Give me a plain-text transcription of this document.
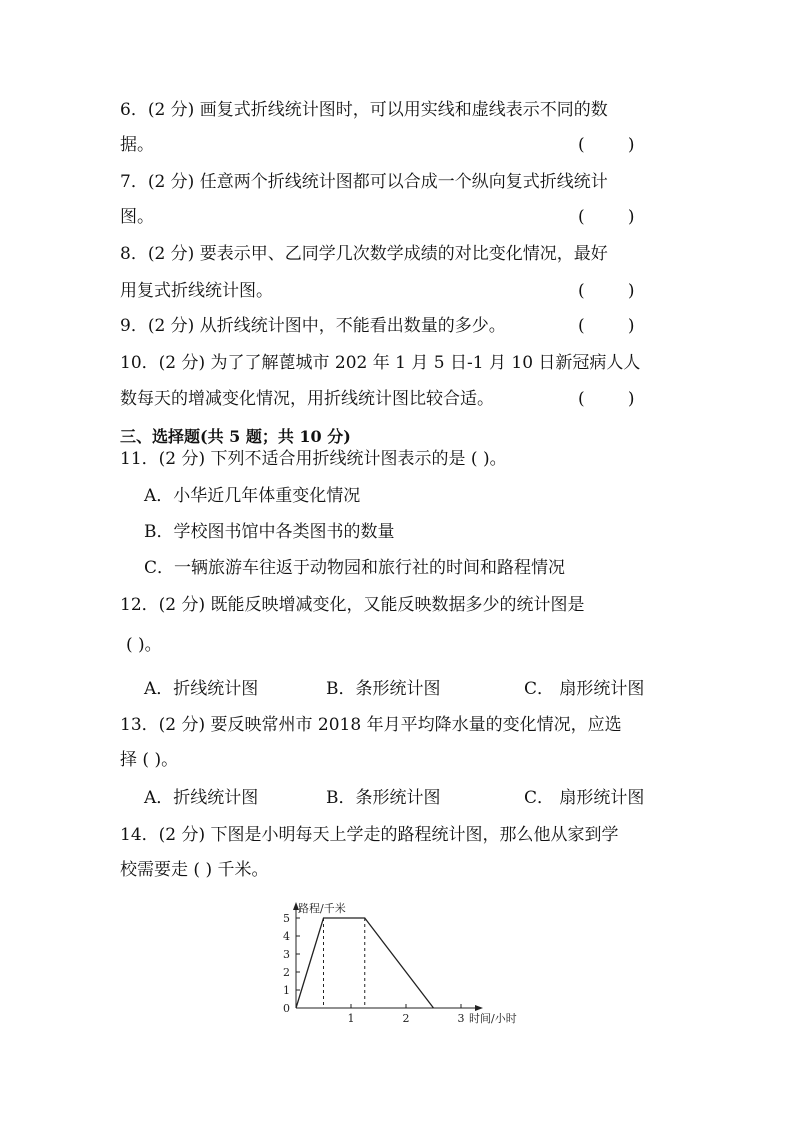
6．(2 分) 画复式折线统计图时，可以用实线和虚线表示不同的数
据。	(        )
7．(2 分) 任意两个折线统计图都可以合成一个纵向复式折线统计
图。	(        )
8．(2 分) 要表示甲、乙同学几次数学成绩的对比变化情况，最好
用复式折线统计图。	(        )
9．(2 分) 从折线统计图中，不能看出数量的多少。	(        )
10．(2 分) 为了了解蓖城市 202 年 1 月 5 日-1 月 10 日新冠病人人
数每天的增减变化情况，用折线统计图比较合适。	(        )
三、选择题(共 5 题；共 10 分)
11．(2 分) 下列不适合用折线统计图表示的是 ( )。
A．小华近几年体重变化情况
B．学校图书馆中各类图书的数量
C．一辆旅游车往返于动物园和旅行社的时间和路程情况
12．(2 分) 既能反映增减变化，又能反映数据多少的统计图是
( )。
A．折线统计图	B．条形统计图	C． 扇形统计图
13．(2 分) 要反映常州市 2018 年月平均降水量的变化情况，应选
择 ( )。
A．折线统计图	B．条形统计图	C． 扇形统计图
14．(2 分) 下图是小明每天上学走的路程统计图，那么他从家到学
校需要走 ( ) 千米。
0
1
2
3
4
5
1	2	3
路程/千米
时间/小时
